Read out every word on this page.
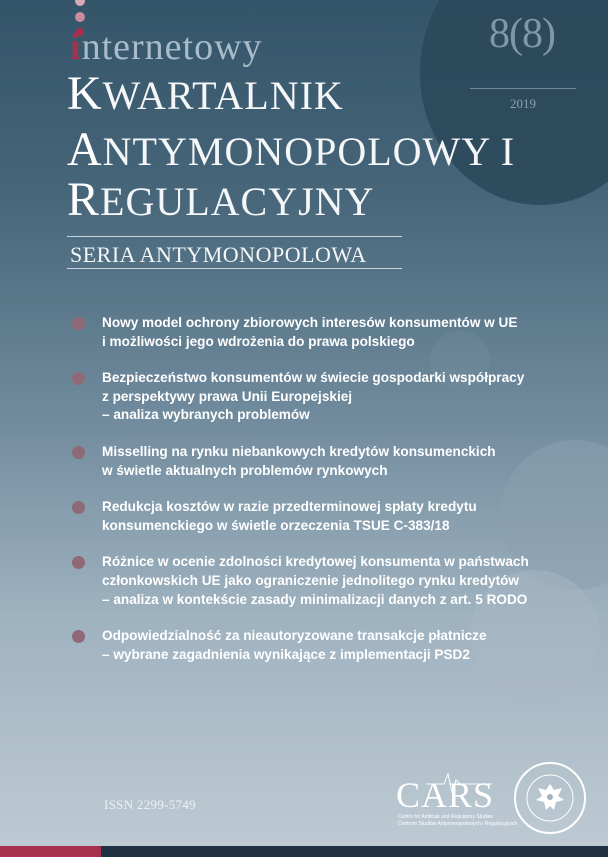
8(8)
2019
internetowy
KWARTALNIK
ANTYMONOPOLOWY I
REGULACYJNY
SERIA ANTYMONOPOLOWA
Nowy model ochrony zbiorowych interesów konsumentów w UE
i możliwości jego wdrożenia do prawa polskiego
Bezpieczeństwo konsumentów w świecie gospodarki współpracy
z perspektywy prawa Unii Europejskiej
– analiza wybranych problemów
Misselling na rynku niebankowych kredytów konsumenckich
w świetle aktualnych problemów rynkowych
Redukcja kosztów w razie przedterminowej spłaty kredytu
konsumenckiego w świetle orzeczenia TSUE C-383/18
Różnice w ocenie zdolności kredytowej konsumenta w państwach
członkowskich UE jako ograniczenie jednolitego rynku kredytów
– analiza w kontekście zasady minimalizacji danych z art. 5 RODO
Odpowiedzialność za nieautoryzowane transakcje płatnicze
– wybrane zagadnienia wynikające z implementacji PSD2
ISSN 2299-5749	CARS
Centre for Antitrust and Regulatory Studies
Centrum Studiów Antymonopolowych i Regulacyjnych
